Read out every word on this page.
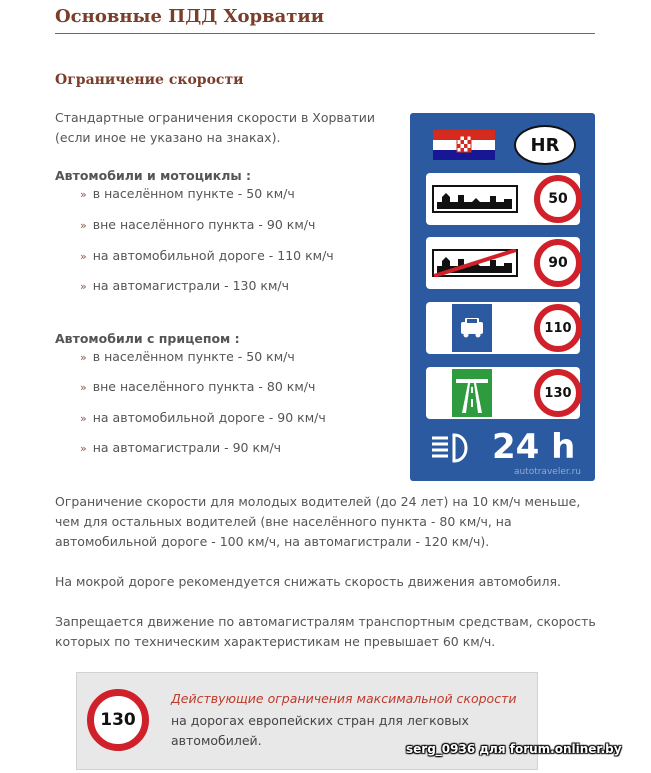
Основные ПДД Хорватии
Ограничение скорости
Стандартные ограничения скорости в Хорватии (если иное не указано на знаках).
Автомобили и мотоциклы :
» в населённом пункте - 50 км/ч
» вне населённого пункта - 90 км/ч
» на автомобильной дороге - 110 км/ч
» на автомагистрали - 130 км/ч
Автомобили с прицепом :
» в населённом пункте - 50 км/ч
» вне населённого пункта - 80 км/ч
» на автомобильной дороге - 90 км/ч
» на автомагистрали - 90 км/ч
HR
50
90
110
130
24 h
autotraveler.ru
Ограничение скорости для молодых водителей (до 24 лет) на 10 км/ч меньше, чем для остальных водителей (вне населённого пункта - 80 км/ч, на автомобильной дороге - 100 км/ч, на автомагистрали - 120 км/ч).
На мокрой дороге рекомендуется снижать скорость движения автомобиля.
Запрещается движение по автомагистралям транспортным средствам, скорость которых по техническим характеристикам не превышает 60 км/ч.
130
Действующие ограничения максимальной скорости
на дорогах европейских стран для легковых автомобилей.
serg_0936 для forum.onliner.by
